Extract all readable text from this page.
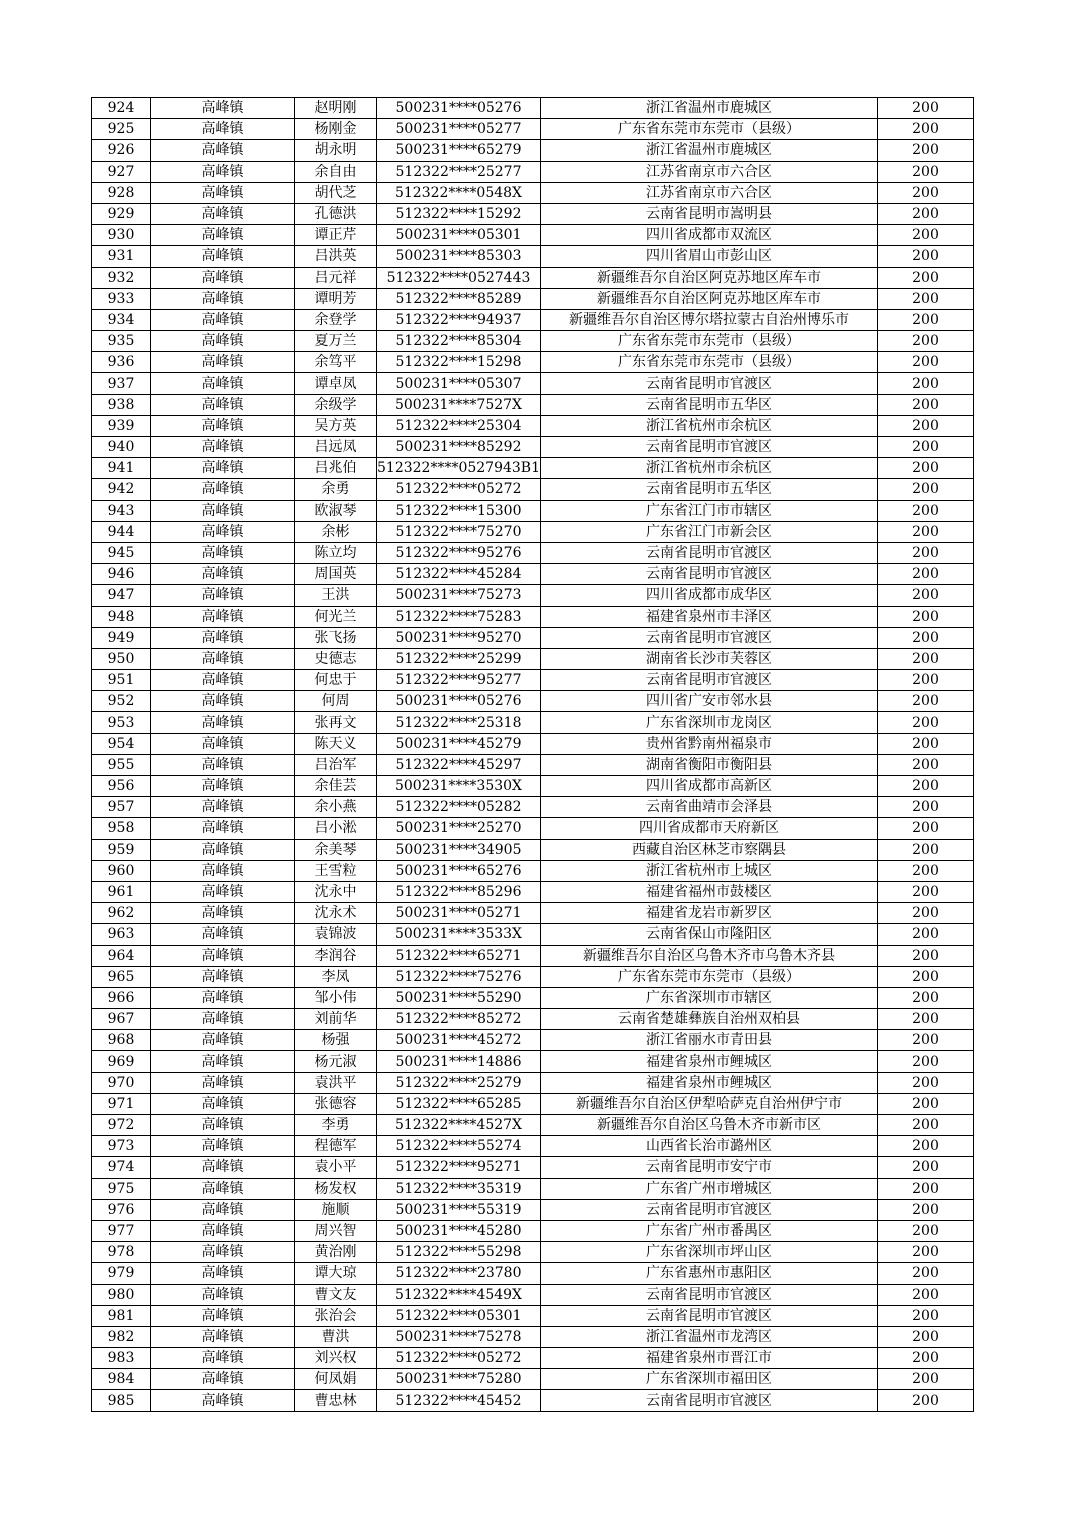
924	高峰镇	赵明刚	500231****05276	浙江省温州市鹿城区	200
925	高峰镇	杨刚金	500231****05277	广东省东莞市东莞市（县级）	200
926	高峰镇	胡永明	500231****65279	浙江省温州市鹿城区	200
927	高峰镇	余自由	512322****25277	江苏省南京市六合区	200
928	高峰镇	胡代芝	512322****0548X	江苏省南京市六合区	200
929	高峰镇	孔德洪	512322****15292	云南省昆明市嵩明县	200
930	高峰镇	谭正芹	500231****05301	四川省成都市双流区	200
931	高峰镇	吕洪英	500231****85303	四川省眉山市彭山区	200
932	高峰镇	吕元祥	512322****0527443	新疆维吾尔自治区阿克苏地区库车市	200
933	高峰镇	谭明芳	512322****85289	新疆维吾尔自治区阿克苏地区库车市	200
934	高峰镇	余登学	512322****94937	新疆维吾尔自治区博尔塔拉蒙古自治州博乐市	200
935	高峰镇	夏万兰	512322****85304	广东省东莞市东莞市（县级）	200
936	高峰镇	余笃平	512322****15298	广东省东莞市东莞市（县级）	200
937	高峰镇	谭卓凤	500231****05307	云南省昆明市官渡区	200
938	高峰镇	余级学	500231****7527X	云南省昆明市五华区	200
939	高峰镇	吴方英	512322****25304	浙江省杭州市余杭区	200
940	高峰镇	吕远凤	500231****85292	云南省昆明市官渡区	200
941	高峰镇	吕兆伯	512322****0527943B1	浙江省杭州市余杭区	200
942	高峰镇	余勇	512322****05272	云南省昆明市五华区	200
943	高峰镇	欧淑琴	512322****15300	广东省江门市市辖区	200
944	高峰镇	余彬	512322****75270	广东省江门市新会区	200
945	高峰镇	陈立均	512322****95276	云南省昆明市官渡区	200
946	高峰镇	周国英	512322****45284	云南省昆明市官渡区	200
947	高峰镇	王洪	500231****75273	四川省成都市成华区	200
948	高峰镇	何光兰	512322****75283	福建省泉州市丰泽区	200
949	高峰镇	张飞扬	500231****95270	云南省昆明市官渡区	200
950	高峰镇	史德志	512322****25299	湖南省长沙市芙蓉区	200
951	高峰镇	何忠于	512322****95277	云南省昆明市官渡区	200
952	高峰镇	何周	500231****05276	四川省广安市邻水县	200
953	高峰镇	张再文	512322****25318	广东省深圳市龙岗区	200
954	高峰镇	陈天义	500231****45279	贵州省黔南州福泉市	200
955	高峰镇	吕治军	512322****45297	湖南省衡阳市衡阳县	200
956	高峰镇	余佳芸	500231****3530X	四川省成都市高新区	200
957	高峰镇	余小燕	512322****05282	云南省曲靖市会泽县	200
958	高峰镇	吕小淞	500231****25270	四川省成都市天府新区	200
959	高峰镇	余美琴	500231****34905	西藏自治区林芝市察隅县	200
960	高峰镇	王雪粒	500231****65276	浙江省杭州市上城区	200
961	高峰镇	沈永中	512322****85296	福建省福州市鼓楼区	200
962	高峰镇	沈永术	500231****05271	福建省龙岩市新罗区	200
963	高峰镇	袁锦波	500231****3533X	云南省保山市隆阳区	200
964	高峰镇	李润谷	512322****65271	新疆维吾尔自治区乌鲁木齐市乌鲁木齐县	200
965	高峰镇	李凤	512322****75276	广东省东莞市东莞市（县级）	200
966	高峰镇	邹小伟	500231****55290	广东省深圳市市辖区	200
967	高峰镇	刘前华	512322****85272	云南省楚雄彝族自治州双柏县	200
968	高峰镇	杨强	500231****45272	浙江省丽水市青田县	200
969	高峰镇	杨元淑	500231****14886	福建省泉州市鲤城区	200
970	高峰镇	袁洪平	512322****25279	福建省泉州市鲤城区	200
971	高峰镇	张德容	512322****65285	新疆维吾尔自治区伊犁哈萨克自治州伊宁市	200
972	高峰镇	李勇	512322****4527X	新疆维吾尔自治区乌鲁木齐市新市区	200
973	高峰镇	程德军	512322****55274	山西省长治市潞州区	200
974	高峰镇	袁小平	512322****95271	云南省昆明市安宁市	200
975	高峰镇	杨发权	512322****35319	广东省广州市增城区	200
976	高峰镇	施顺	500231****55319	云南省昆明市官渡区	200
977	高峰镇	周兴智	500231****45280	广东省广州市番禺区	200
978	高峰镇	黄治刚	512322****55298	广东省深圳市坪山区	200
979	高峰镇	谭大琼	512322****23780	广东省惠州市惠阳区	200
980	高峰镇	曹文友	512322****4549X	云南省昆明市官渡区	200
981	高峰镇	张治会	512322****05301	云南省昆明市官渡区	200
982	高峰镇	曹洪	500231****75278	浙江省温州市龙湾区	200
983	高峰镇	刘兴权	512322****05272	福建省泉州市晋江市	200
984	高峰镇	何凤娟	500231****75280	广东省深圳市福田区	200
985	高峰镇	曹忠林	512322****45452	云南省昆明市官渡区	200
